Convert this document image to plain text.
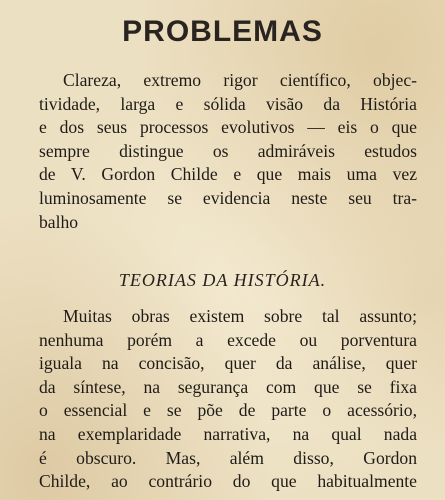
PROBLEMAS
Clareza, extremo rigor científico, objec-
tividade, larga e sólida visão da História
e dos seus processos evolutivos — eis o que
sempre distingue os admiráveis estudos
de V. Gordon Childe e que mais uma vez
luminosamente se evidencia neste seu tra-
balho
TEORIAS DA HISTÓRIA.
Muitas obras existem sobre tal assunto;
nenhuma porém a excede ou porventura
iguala na concisão, quer da análise, quer
da síntese, na segurança com que se fixa
o essencial e se põe de parte o acessório,
na exemplaridade narrativa, na qual nada
é obscuro. Mas, além disso, Gordon
Childe, ao contrário do que habitualmente
